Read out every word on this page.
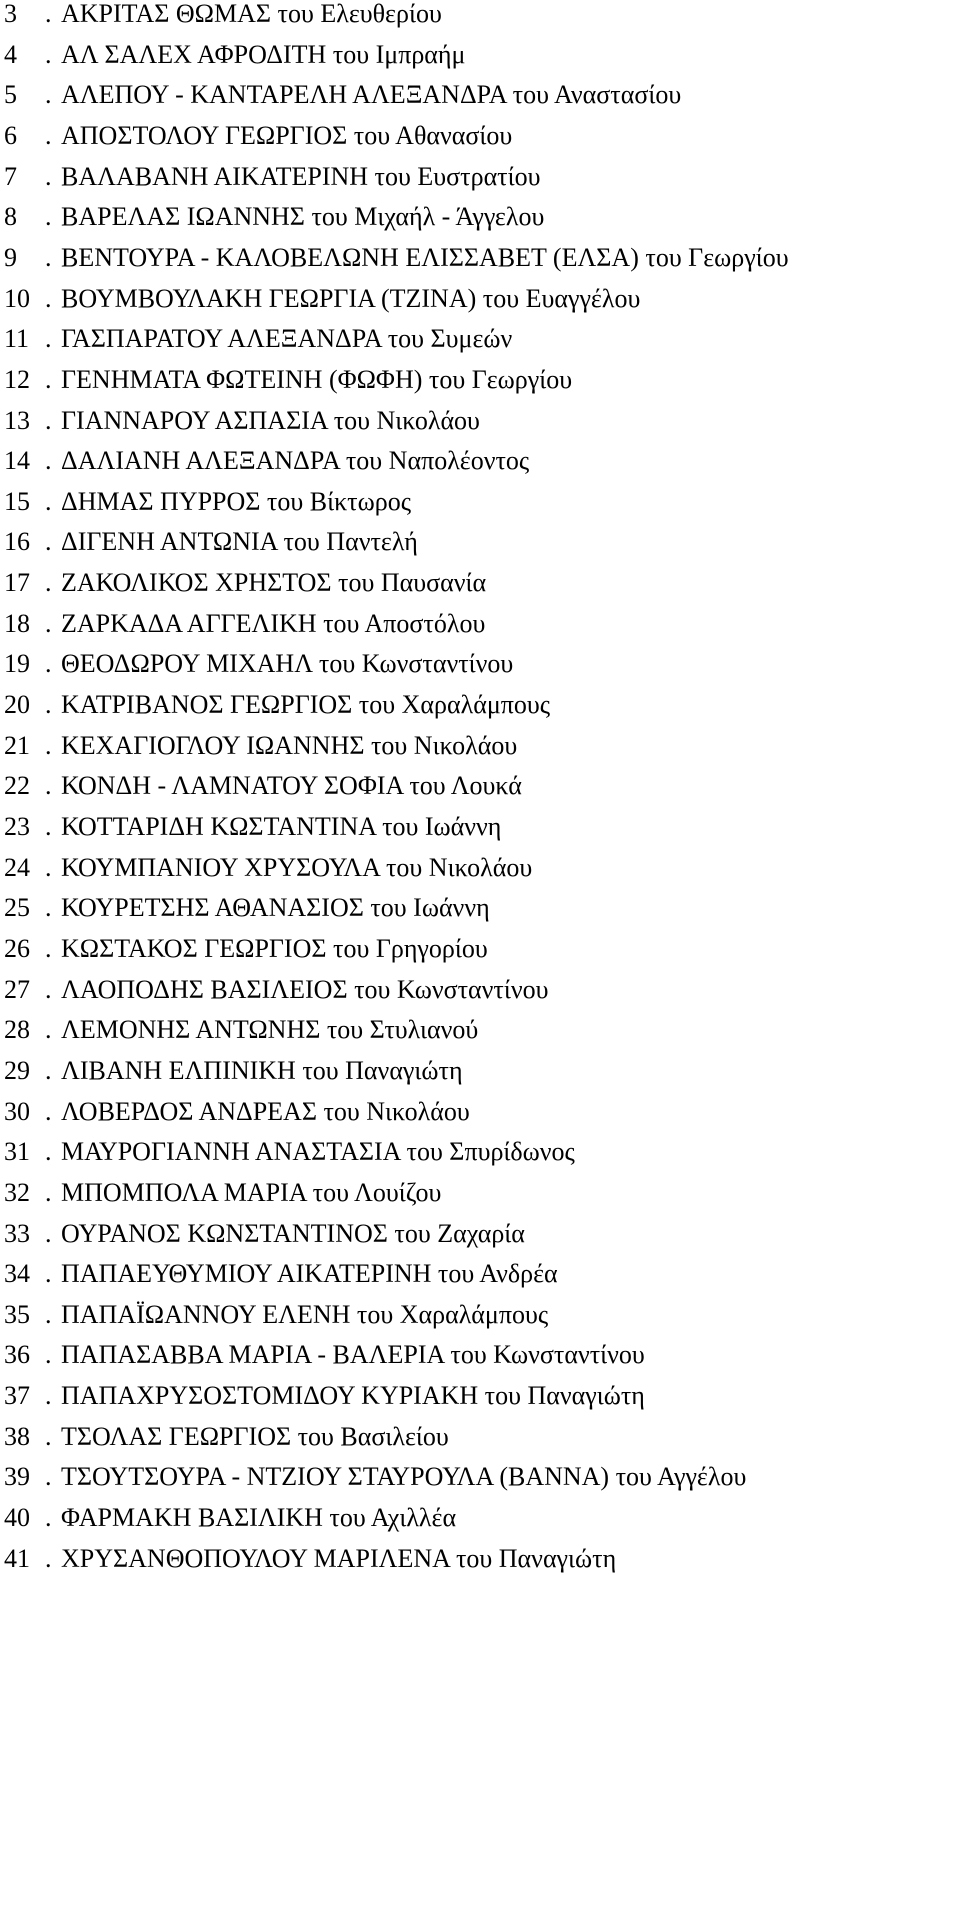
3	. ΑΚΡΙΤΑΣ ΘΩΜΑΣ του Ελευθερίου
4	. ΑΛ ΣΑΛΕΧ ΑΦΡΟΔΙΤΗ του Ιμπραήμ
5	. ΑΛΕΠΟΥ - ΚΑΝΤΑΡΕΛΗ ΑΛΕΞΑΝΔΡΑ του Αναστασίου
6	. ΑΠΟΣΤΟΛΟΥ ΓΕΩΡΓΙΟΣ του Αθανασίου
7	. ΒΑΛΑΒΑΝΗ ΑΙΚΑΤΕΡΙΝΗ του Ευστρατίου
8	. ΒΑΡΕΛΑΣ ΙΩΑΝΝΗΣ του Μιχαήλ - Άγγελου
9	. ΒΕΝΤΟΥΡΑ - ΚΑΛΟΒΕΛΩΝΗ ΕΛΙΣΣΑΒΕΤ (ΕΛΣΑ) του Γεωργίου
10 . ΒΟΥΜΒΟΥΛΑΚΗ ΓΕΩΡΓΙΑ (ΤΖΙΝΑ) του Ευαγγέλου
11 . ΓΑΣΠΑΡΑΤΟΥ ΑΛΕΞΑΝΔΡΑ του Συμεών
12 . ΓΕΝΗΜΑΤΑ ΦΩΤΕΙΝΗ (ΦΩΦΗ) του Γεωργίου
13 . ΓΙΑΝΝΑΡΟΥ ΑΣΠΑΣΙΑ του Νικολάου
14 . ΔΑΛΙΑΝΗ ΑΛΕΞΑΝΔΡΑ του Ναπολέοντος
15 . ΔΗΜΑΣ ΠΥΡΡΟΣ του Βίκτωρος
16 . ΔΙΓΕΝΗ ΑΝΤΩΝΙΑ του Παντελή
17 . ΖΑΚΟΛΙΚΟΣ ΧΡΗΣΤΟΣ του Παυσανία
18 . ΖΑΡΚΑΔΑ ΑΓΓΕΛΙΚΗ του Αποστόλου
19 . ΘΕΟΔΩΡΟΥ ΜΙΧΑΗΛ του Κωνσταντίνου
20 . ΚΑΤΡΙΒΑΝΟΣ ΓΕΩΡΓΙΟΣ του Χαραλάμπους
21 . ΚΕΧΑΓΙΟΓΛΟΥ ΙΩΑΝΝΗΣ του Νικολάου
22 . ΚΟΝΔΗ - ΛΑΜΝΑΤΟΥ ΣΟΦΙΑ του Λουκά
23 . ΚΟΤΤΑΡΙΔΗ ΚΩΣΤΑΝΤΙΝΑ του Ιωάννη
24 . ΚΟΥΜΠΑΝΙΟΥ ΧΡΥΣΟΥΛΑ του Νικολάου
25 . ΚΟΥΡΕΤΣΗΣ ΑΘΑΝΑΣΙΟΣ του Ιωάννη
26 . ΚΩΣΤΑΚΟΣ ΓΕΩΡΓΙΟΣ του Γρηγορίου
27 . ΛΑΟΠΟΔΗΣ ΒΑΣΙΛΕΙΟΣ του Κωνσταντίνου
28 . ΛΕΜΟΝΗΣ ΑΝΤΩΝΗΣ του Στυλιανού
29 . ΛΙΒΑΝΗ ΕΛΠΙΝΙΚΗ του Παναγιώτη
30 . ΛΟΒΕΡΔΟΣ ΑΝΔΡΕΑΣ του Νικολάου
31 . ΜΑΥΡΟΓΙΑΝΝΗ ΑΝΑΣΤΑΣΙΑ του Σπυρίδωνος
32 . ΜΠΟΜΠΟΛΑ ΜΑΡΙΑ του Λουίζου
33 . ΟΥΡΑΝΟΣ ΚΩΝΣΤΑΝΤΙΝΟΣ του Ζαχαρία
34 . ΠΑΠΑΕΥΘΥΜΙΟΥ ΑΙΚΑΤΕΡΙΝΗ του Ανδρέα
35 . ΠΑΠΑΪΩΑΝΝΟΥ ΕΛΕΝΗ του Χαραλάμπους
36 . ΠΑΠΑΣΑΒΒΑ ΜΑΡΙΑ - ΒΑΛΕΡΙΑ του Κωνσταντίνου
37 . ΠΑΠΑΧΡΥΣΟΣΤΟΜΙΔΟΥ ΚΥΡΙΑΚΗ του Παναγιώτη
38 . ΤΣΟΛΑΣ ΓΕΩΡΓΙΟΣ του Βασιλείου
39 . ΤΣΟΥΤΣΟΥΡΑ - ΝΤΖΙΟΥ ΣΤΑΥΡΟΥΛΑ (ΒΑΝΝΑ) του Αγγέλου
40 . ΦΑΡΜΑΚΗ ΒΑΣΙΛΙΚΗ του Αχιλλέα
41 . ΧΡΥΣΑΝΘΟΠΟΥΛΟΥ ΜΑΡΙΛΕΝΑ του Παναγιώτη
